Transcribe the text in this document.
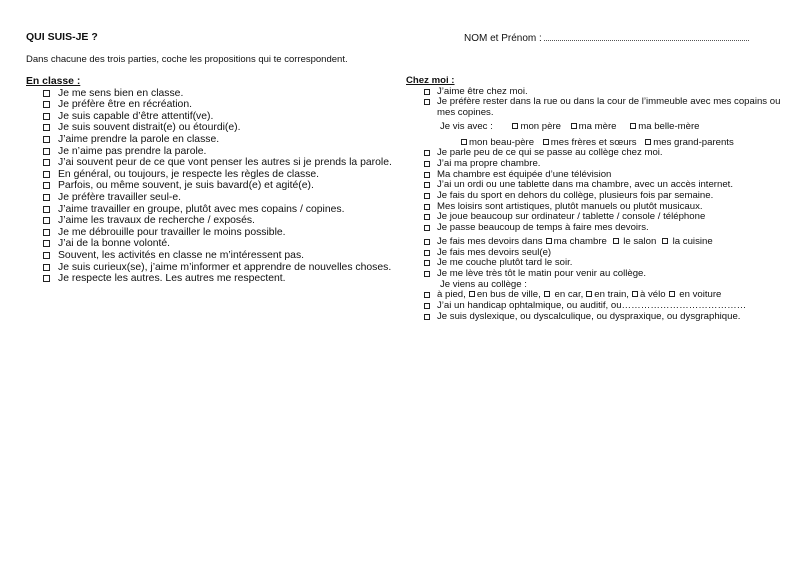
QUI SUIS-JE ?	NOM et Prénom :
Dans chacune des trois parties, coche les propositions qui te correspondent.
En classe :
Je me sens bien en classe.
Je préfère être en récréation.
Je suis capable d’être attentif(ve).
Je suis souvent distrait(e) ou étourdi(e).
J’aime prendre la parole en classe.
Je n’aime pas prendre la parole.
J’ai souvent peur de ce que vont penser les autres si je prends la parole.
En général, ou toujours, je respecte les règles de classe.
Parfois, ou même souvent, je suis bavard(e) et agité(e).
Je préfère travailler seul-e.
J’aime travailler en groupe, plutôt avec mes copains / copines.
J’aime les travaux de recherche / exposés.
Je me débrouille pour travailler le moins possible.
J’ai de la bonne volonté.
Souvent, les activités en classe ne m’intéressent pas.
Je suis curieux(se), j’aime m’informer et apprendre de nouvelles choses.
Je respecte les autres. Les autres me respectent.
Chez moi :
J’aime être chez moi.
Je préfère rester dans la rue ou dans la cour de l’immeuble avec mes copains ou mes copines.
Je vis avec :	mon père ma mère ma belle-mère
mon beau-père mes frères et sœurs mes grand-parents
Je parle peu de ce qui se passe au collège chez moi.
J’ai ma propre chambre.
Ma chambre est équipée d’une télévision
J’ai un ordi ou une tablette dans ma chambre, avec un accès internet.
Je fais du sport en dehors du collège, plusieurs fois par semaine.
Mes loisirs sont artistiques, plutôt manuels ou plutôt musicaux.
Je joue beaucoup sur ordinateur / tablette / console / téléphone
Je passe beaucoup de temps à faire mes devoirs.
Je fais mes devoirs dans ma chambre le salon la cuisine
Je fais mes devoirs seul(e)
Je me couche plutôt tard le soir.
Je me lève très tôt le matin pour venir au collège.
Je viens au collège :
à pied, en bus de ville, en car, en train, à vélo en voiture
J’ai un handicap ophtalmique, ou auditif, ou…………………………………
Je suis dyslexique, ou dyscalculique, ou dyspraxique, ou dysgraphique.
